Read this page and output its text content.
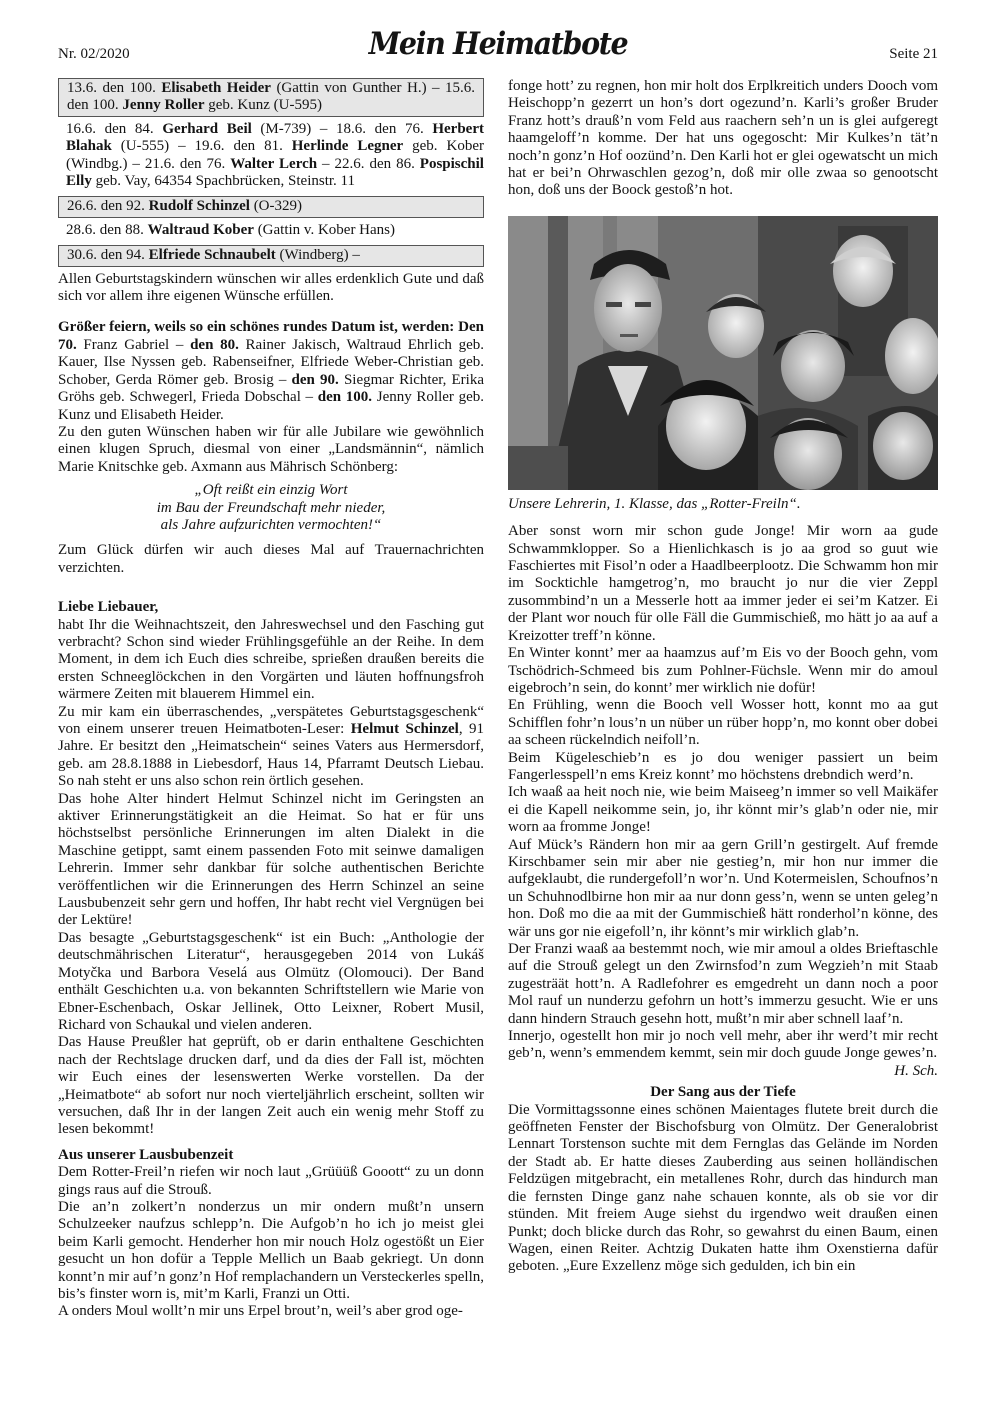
Nr. 02/2020	Mein Heimatbote	Seite 21
13.6. den 100. Elisabeth Heider (Gattin von Gunther H.) – 15.6. den 100. Jenny Roller geb. Kunz (U-595)

16.6. den 84. Gerhard Beil (M-739) – 18.6. den 76. Herbert Blahak (U-555) – 19.6. den 81. Herlinde Legner geb. Kober (Windbg.) – 21.6. den 76. Walter Lerch – 22.6. den 86. Pospischil Elly geb. Vay, 64354 Spachbrücken, Steinstr. 11

26.6. den 92. Rudolf Schinzel (O-329)

28.6. den 88. Waltraud Kober (Gattin v. Kober Hans)

30.6. den 94. Elfriede Schnaubelt (Windberg) –

Allen Geburtstagskindern wünschen wir alles erdenklich Gute und daß sich vor allem ihre eigenen Wünsche erfüllen.

Größer feiern, weils so ein schönes rundes Datum ist, werden: Den 70. Franz Gabriel – den 80. Rainer Jakisch, Waltraud Ehrlich geb. Kauer, Ilse Nyssen geb. Rabenseifner, Elfriede Weber-Christian geb. Schober, Gerda Römer geb. Brosig – den 90. Siegmar Richter, Erika Gröhs geb. Schwegerl, Frieda Dobschal – den 100. Jenny Roller geb. Kunz und Elisabeth Heider.

Zu den guten Wünschen haben wir für alle Jubilare wie gewöhnlich einen klugen Spruch, diesmal von einer „Landsmännin“, nämlich Marie Knitschke geb. Axmann aus Mährisch Schönberg:

„Oft reißt ein einzig Wort
im Bau der Freundschaft mehr nieder,
als Jahre aufzurichten vermochten!“

Zum Glück dürfen wir auch dieses Mal auf Trauernachrichten verzichten.

Liebe Liebauer,

habt Ihr die Weihnachtszeit, den Jahreswechsel und den Fasching gut verbracht? Schon sind wieder Frühlingsgefühle an der Reihe. In dem Moment, in dem ich Euch dies schreibe, sprießen draußen bereits die ersten Schneeglöckchen in den Vorgärten und läuten hoffnungsfroh wärmere Zeiten mit blauerem Himmel ein.

Zu mir kam ein überraschendes, „verspätetes Geburtstagsgeschenk“ von einem unserer treuen Heimatboten-Leser: Helmut Schinzel, 91 Jahre. Er besitzt den „Heimatschein“ seines Vaters aus Hermersdorf, geb. am 28.8.1888 in Liebesdorf, Haus 14, Pfarramt Deutsch Liebau. So nah steht er uns also schon rein örtlich gesehen.

Das hohe Alter hindert Helmut Schinzel nicht im Geringsten an aktiver Erinnerungstätigkeit an die Heimat. So hat er für uns höchstselbst persönliche Erinnerungen im alten Dialekt in die Maschine getippt, samt einem passenden Foto mit seinwe damaligen Lehrerin. Immer sehr dankbar für solche authentischen Berichte veröffentlichen wir die Erinnerungen des Herrn Schinzel an seine Lausbubenzeit sehr gern und hoffen, Ihr habt recht viel Vergnügen bei der Lektüre!

Das besagte „Geburtstagsgeschenk“ ist ein Buch: „Anthologie der deutschmährischen Literatur“, herausgegeben 2014 von Lukáš Motyčka und Barbora Veselá aus Olmütz (Olomouci). Der Band enthält Geschichten u.a. von bekannten Schriftstellern wie Marie von Ebner-Eschenbach, Oskar Jellinek, Otto Leixner, Robert Musil, Richard von Schaukal und vielen anderen.

Das Hause Preußler hat geprüft, ob er darin enthaltene Geschichten nach der Rechtslage drucken darf, und da dies der Fall ist, möchten wir Euch eines der lesenswerten Werke vorstellen. Da der „Heimatbote“ ab sofort nur noch vierteljährlich erscheint, sollten wir versuchen, daß Ihr in der langen Zeit auch ein wenig mehr Stoff zu lesen bekommt!

Aus unserer Lausbubenzeit

Dem Rotter-Freil’n riefen wir noch laut „Grüüüß Gooott“ zu un donn gings raus auf die Strouß.

Die an’n zolkert’n nonderzus un mir ondern mußt’n unsern Schulzeeker naufzus schlepp’n. Die Aufgob’n ho ich jo meist glei beim Karli gemocht. Henderher hon mir nouch Holz ogestößt un Eier gesucht un hon dofür a Tepple Mellich un Baab gekriegt. Un donn konnt’n mir auf’n gonz’n Hof remplachandern un Versteckerles spelln, bis’s finster worn is, mit’m Karli, Franzi un Otti.

A onders Moul wollt’n mir uns Erpel brout’n, weil’s aber grod oge-

fonge hott’ zu regnen, hon mir holt dos Erplkreitich unders Dooch vom Heischopp’n gezerrt un hon’s dort ogezund’n. Karli’s großer Bruder Franz hott’s drauß’n vom Feld aus raachern seh’n un is glei aufgeregt haamgeloff’n komme. Der hat uns ogegoscht: Mir Kulkes’n tät’n noch’n gonz’n Hof oozünd’n. Den Karli hot er glei ogewatscht un mich hat er bei’n Ohrwaschlen gezog’n, doß mir olle zwaa so genootscht hon, doß uns der Boock gestoß’n hot.

Unsere Lehrerin, 1. Klasse, das „Rotter-Freiln“.

Aber sonst worn mir schon gude Jonge! Mir worn aa gude Schwammklopper. So a Hienlichkasch is jo aa grod so guut wie Faschiertes mit Fisol’n oder a Haadlbeerplootz. Die Schwamm hon mir im Socktichle hamgetrog’n, mo braucht jo nur die vier Zeppl zusommbind’n un a Messerle hott aa immer jeder ei sei’m Katzer. Ei der Plant wor nouch für olle Fäll die Gummischieß, mo hätt jo aa auf a Kreizotter treff’n könne.

En Winter konnt’ mer aa haamzus auf’m Eis vo der Booch gehn, vom Tschödrich-Schmeed bis zum Pohlner-Füchsle. Wenn mir do amoul eigebroch’n sein, do konnt’ mer wirklich nie dofür!

En Frühling, wenn die Booch vell Wosser hott, konnt mo aa gut Schifflen fohr’n lous’n un nüber un rüber hopp’n, mo konnt ober dobei aa scheen rückelndich neifoll’n.

Beim Kügeleschieb’n es jo dou weniger passiert un beim Fangerlesspell’n ems Kreiz konnt’ mo höchstens drebndich werd’n.

Ich waaß aa heit noch nie, wie beim Maiseeg’n immer so vell Maikäfer ei die Kapell neikomme sein, jo, ihr könnt mir’s glab’n oder nie, mir worn aa fromme Jonge!

Auf Mück’s Rändern hon mir aa gern Grill’n gestirgelt. Auf fremde Kirschbamer sein mir aber nie gestieg’n, mir hon nur immer die aufgeklaubt, die rundergefoll’n wor’n. Und Kotermeislen, Schoufnos’n un Schuhnodlbirne hon mir aa nur donn gess’n, wenn se unten geleg’n hon. Doß mo die aa mit der Gummischieß hätt ronderhol’n könne, des wär uns gor nie eigefoll’n, ihr könnt’s mir wirklich glab’n.

Der Franzi waaß aa bestemmt noch, wie mir amoul a oldes Brieftaschle auf die Strouß gelegt un den Zwirnsfod’n zum Wegzieh’n mit Staab zugesträät hott’n. A Radlefohrer es emgedreht un dann noch a poor Mol rauf un nunderzu gefohrn un hott’s immerzu gesucht. Wie er uns dann hindern Strauch gesehn hott, mußt’n mir aber schnell laaf’n.

Innerjo, ogestellt hon mir jo noch vell mehr, aber ihr werd’t mir recht geb’n, wenn’s emmendem kemmt, sein mir doch guude Jonge gewes’n.

H. Sch.

Der Sang aus der Tiefe

Die Vormittagssonne eines schönen Maientages flutete breit durch die geöffneten Fenster der Bischofsburg von Olmütz. Der Generalobrist Lennart Torstenson suchte mit dem Fernglas das Gelände im Norden der Stadt ab. Er hatte dieses Zauberding aus seinen holländischen Feldzügen mitgebracht, ein metallenes Rohr, durch das hindurch man die fernsten Dinge ganz nahe schauen konnte, als ob sie vor dir stünden. Mit freiem Auge siehst du irgendwo weit draußen einen Punkt; doch blicke durch das Rohr, so gewahrst du einen Baum, einen Wagen, einen Reiter. Achtzig Dukaten hatte ihm Oxenstierna dafür geboten. „Eure Exzellenz möge sich gedulden, ich bin ein
